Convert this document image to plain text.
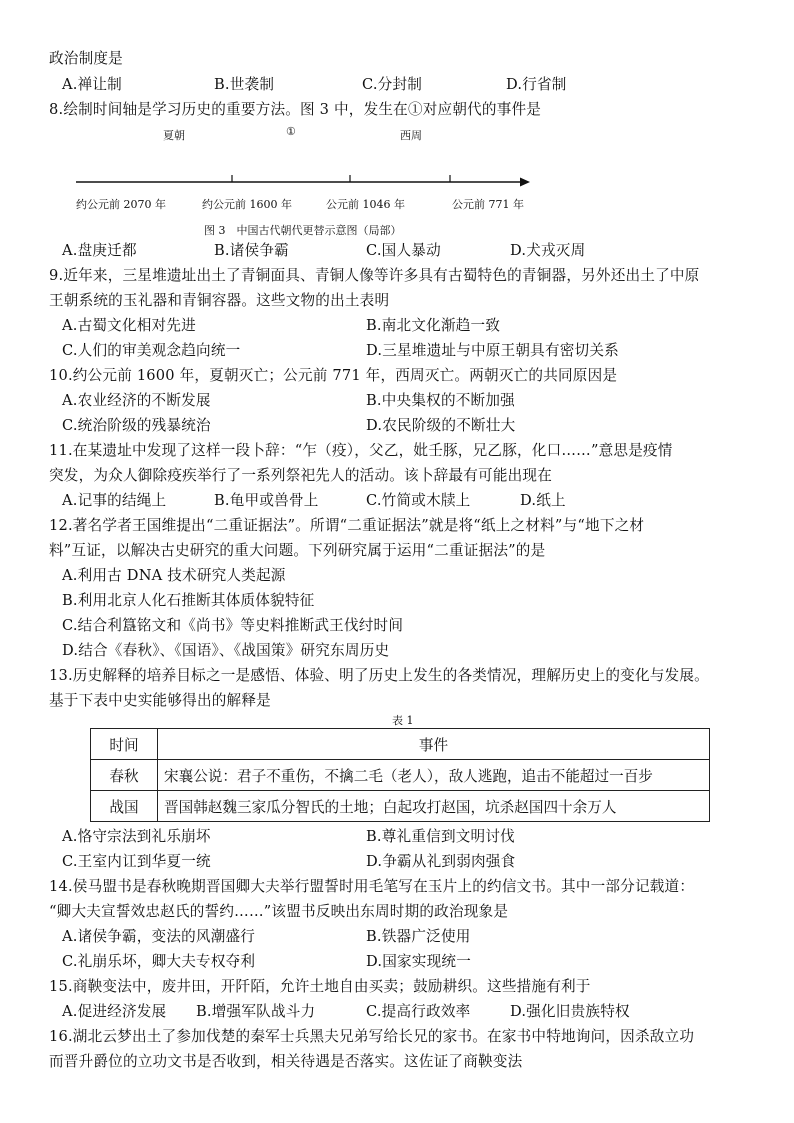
政治制度是
A.禅让制	B.世袭制	C.分封制	D.行省制
8.绘制时间轴是学习历史的重要方法。图 3 中，发生在①对应朝代的事件是
夏朝	①	西周
约公元前 2070 年	约公元前 1600 年	公元前 1046 年	公元前 771 年
图 3　中国古代朝代更替示意图（局部）
A.盘庚迁都	B.诸侯争霸	C.国人暴动	D.犬戎灭周
9.近年来，三星堆遗址出土了青铜面具、青铜人像等许多具有古蜀特色的青铜器，另外还出土了中原
王朝系统的玉礼器和青铜容器。这些文物的出土表明
A.古蜀文化相对先进	B.南北文化渐趋一致
C.人们的审美观念趋向统一	D.三星堆遗址与中原王朝具有密切关系
10.约公元前 1600 年，夏朝灭亡；公元前 771 年，西周灭亡。两朝灭亡的共同原因是
A.农业经济的不断发展	B.中央集权的不断加强
C.统治阶级的残暴统治	D.农民阶级的不断壮大
11.在某遗址中发现了这样一段卜辞：“乍（疫），父乙，妣壬豚，兄乙豚，化口……”意思是疫情
突发，为众人御除疫疾举行了一系列祭祀先人的活动。该卜辞最有可能出现在
A.记事的结绳上	B.龟甲或兽骨上	C.竹简或木牍上	D.纸上
12.著名学者王国维提出“二重证据法”。所谓“二重证据法”就是将“纸上之材料”与“地下之材
料”互证，以解决古史研究的重大问题。下列研究属于运用“二重证据法”的是
A.利用古 DNA 技术研究人类起源
B.利用北京人化石推断其体质体貌特征
C.结合利簋铭文和《尚书》等史料推断武王伐纣时间
D.结合《春秋》、《国语》、《战国策》研究东周历史
13.历史解释的培养目标之一是感悟、体验、明了历史上发生的各类情况，理解历史上的变化与发展。
基于下表中史实能够得出的解释是
表 1
时间	事件
春秋	宋襄公说：君子不重伤，不擒二毛（老人），敌人逃跑，追击不能超过一百步
战国	晋国韩赵魏三家瓜分智氏的土地；白起攻打赵国，坑杀赵国四十余万人
A.恪守宗法到礼乐崩坏	B.尊礼重信到文明讨伐
C.王室内讧到华夏一统	D.争霸从礼到弱肉强食
14.侯马盟书是春秋晚期晋国卿大夫举行盟誓时用毛笔写在玉片上的约信文书。其中一部分记载道：
“卿大夫宣誓效忠赵氏的誓约……”该盟书反映出东周时期的政治现象是
A.诸侯争霸，变法的风潮盛行	B.铁器广泛使用
C.礼崩乐坏，卿大夫专权夺利	D.国家实现统一
15.商鞅变法中，废井田，开阡陌，允许土地自由买卖；鼓励耕织。这些措施有利于
A.促进经济发展 B.增强军队战斗力	C.提高行政效率	D.强化旧贵族特权
16.湖北云梦出土了参加伐楚的秦军士兵黑夫兄弟写给长兄的家书。在家书中特地询问，因杀敌立功
而晋升爵位的立功文书是否收到，相关待遇是否落实。这佐证了商鞅变法
